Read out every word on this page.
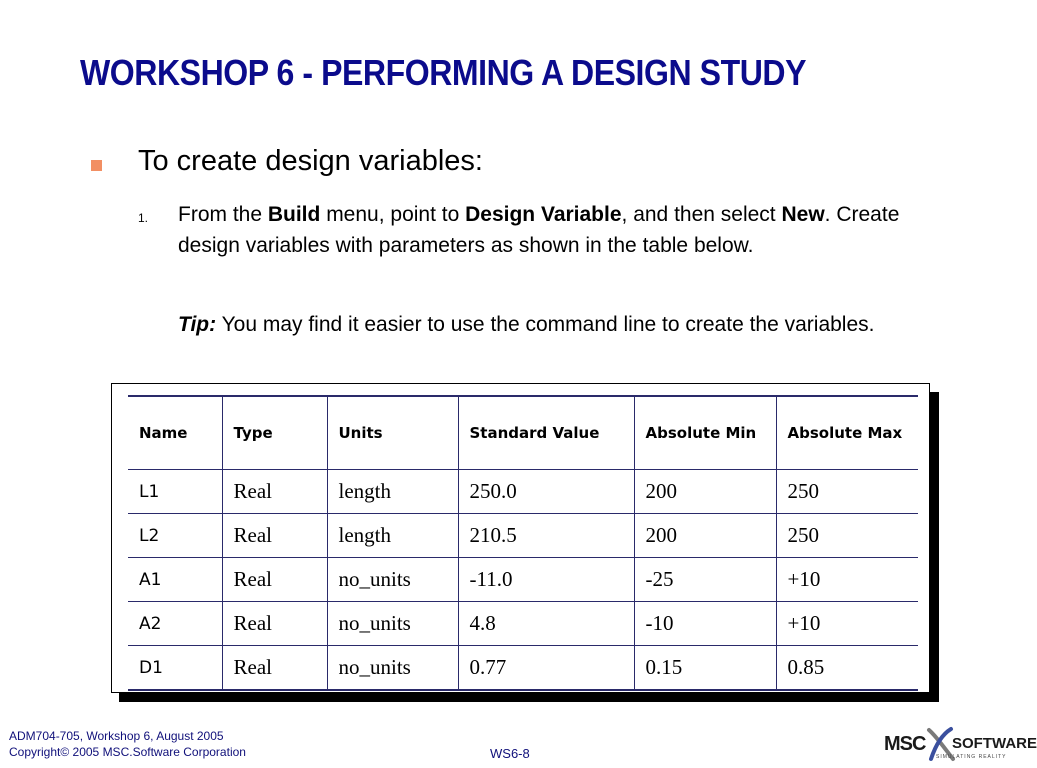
WORKSHOP 6 - PERFORMING A DESIGN STUDY
To create design variables:
1. From the Build menu, point to Design Variable, and then select New. Create design variables with parameters as shown in the table below.
Tip: You may find it easier to use the command line to create the variables.
Name	Type	Units	Standard Value	Absolute Min	Absolute Max
L1	Real	length	250.0	200	250
L2	Real	length	210.5	200	250
A1	Real	no_units	-11.0	-25	+10
A2	Real	no_units	4.8	-10	+10
D1	Real	no_units	0.77	0.15	0.85
ADM704-705, Workshop 6, August 2005
Copyright© 2005 MSC.Software Corporation	WS6-8	MSC SOFTWARE
SIMULATING REALITY
